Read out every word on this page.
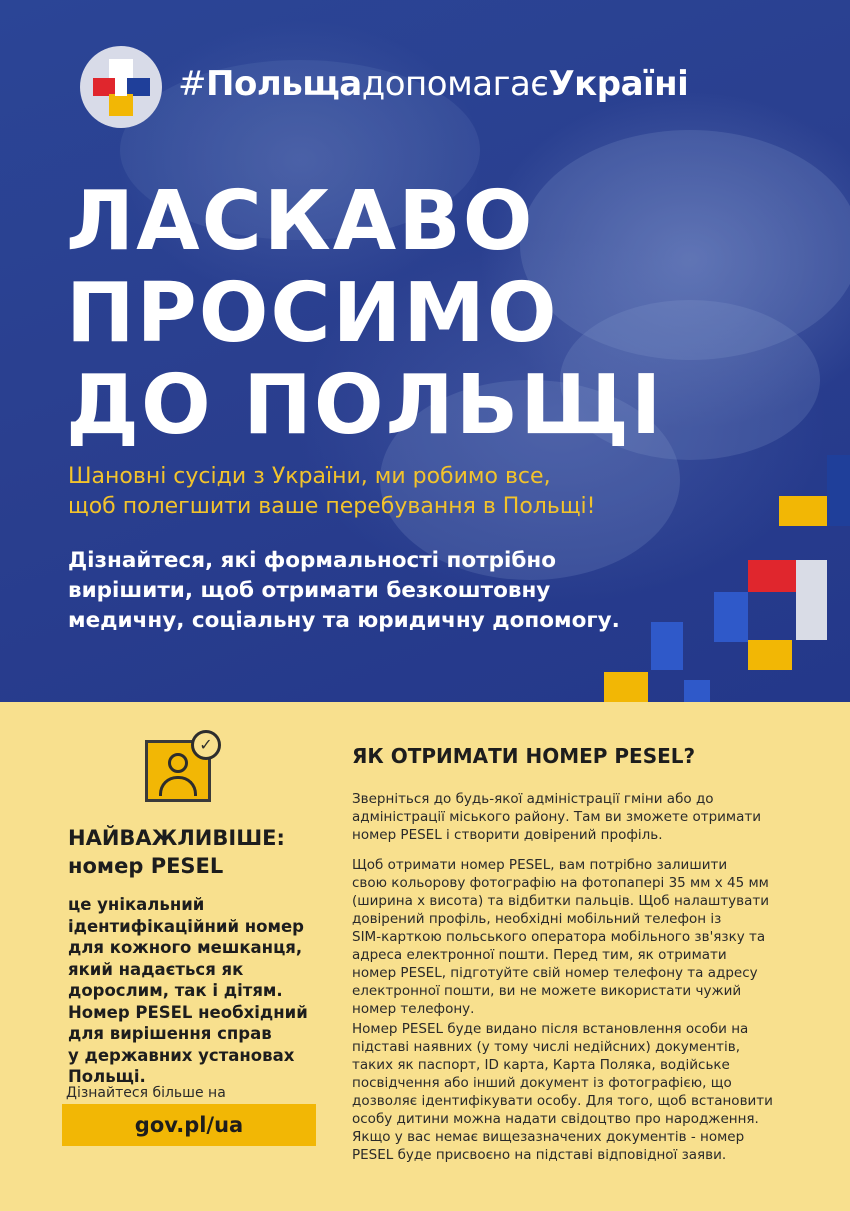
#ПольщадопомагаєУкраїні
ЛАСКАВО
ПРОСИМО
ДО ПОЛЬЩІ
Шановні сусіди з України, ми робимо все,
щоб полегшити ваше перебування в Польщі!
Дізнайтеся, які формальності потрібно
вирішити, щоб отримати безкоштовну
медичну, соціальну та юридичну допомогу.
✓
НАЙВАЖЛИВІШЕ:
номер PESEL
це унікальний
ідентифікаційний номер
для кожного мешканця,
який надається як
дорослим, так і дітям.
Номер PESEL необхідний
для вирішення справ
у державних установах
Польщі.
Дізнайтеся більше на
gov.pl/ua
ЯК ОТРИМАТИ НОМЕР PESEL?
Зверніться до будь-якої адміністрації гміни або до
адміністрації міського району. Там ви зможете отримати
номер PESEL і створити довірений профіль.
Щоб отримати номер PESEL, вам потрібно залишити
свою кольорову фотографію на фотопапері 35 мм х 45 мм
(ширина х висота) та відбитки пальців. Щоб налаштувати
довірений профіль, необхідні мобільний телефон із
SIM-карткою польського оператора мобільного зв'язку та
адреса електронної пошти. Перед тим, як отримати
номер PESEL, підготуйте свій номер телефону та адресу
електронної пошти, ви не можете використати чужий
номер телефону.
Номер PESEL буде видано після встановлення особи на
підставі наявних (у тому числі недійсних) документів,
таких як паспорт, ID карта, Карта Поляка, водійське
посвідчення або інший документ із фотографією, що
дозволяє ідентифікувати особу. Для того, щоб встановити
особу дитини можна надати свідоцтво про народження.
Якщо у вас немає вищезазначених документів - номер
PESEL буде присвоєно на підставі відповідної заяви.
